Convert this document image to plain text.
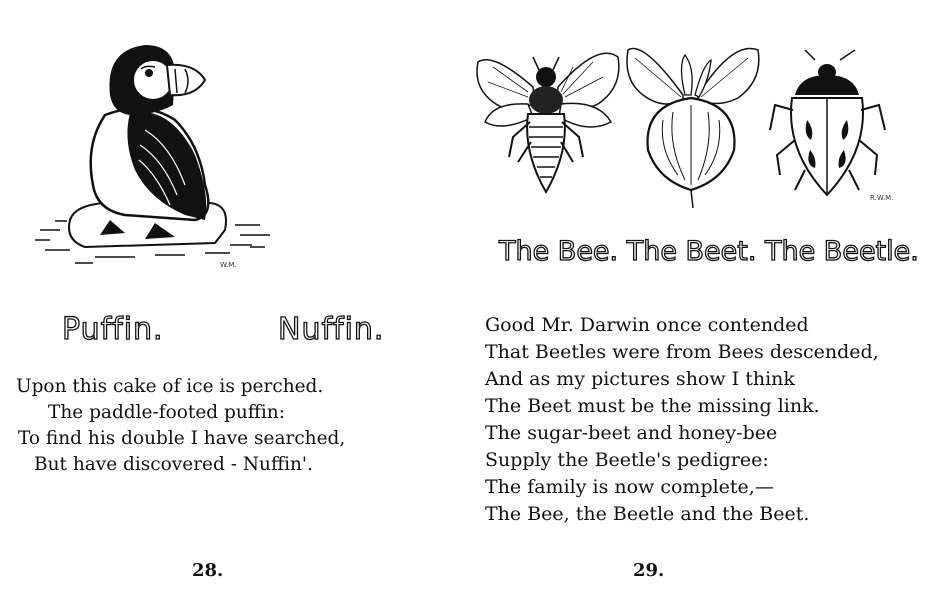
W.M.
Puffin.	Nuffin.
Upon this cake of ice is perched.
The paddle-footed puffin:
To find his double I have searched,
But have discovered - Nuffin'.
28.
R.W.M.
The Bee. The Beet. The Beetle.
Good Mr. Darwin once contended
That Beetles were from Bees descended,
And as my pictures show I think
The Beet must be the missing link.
The sugar-beet and honey-bee
Supply the Beetle's pedigree:
The family is now complete,—
The Bee, the Beetle and the Beet.
29.
